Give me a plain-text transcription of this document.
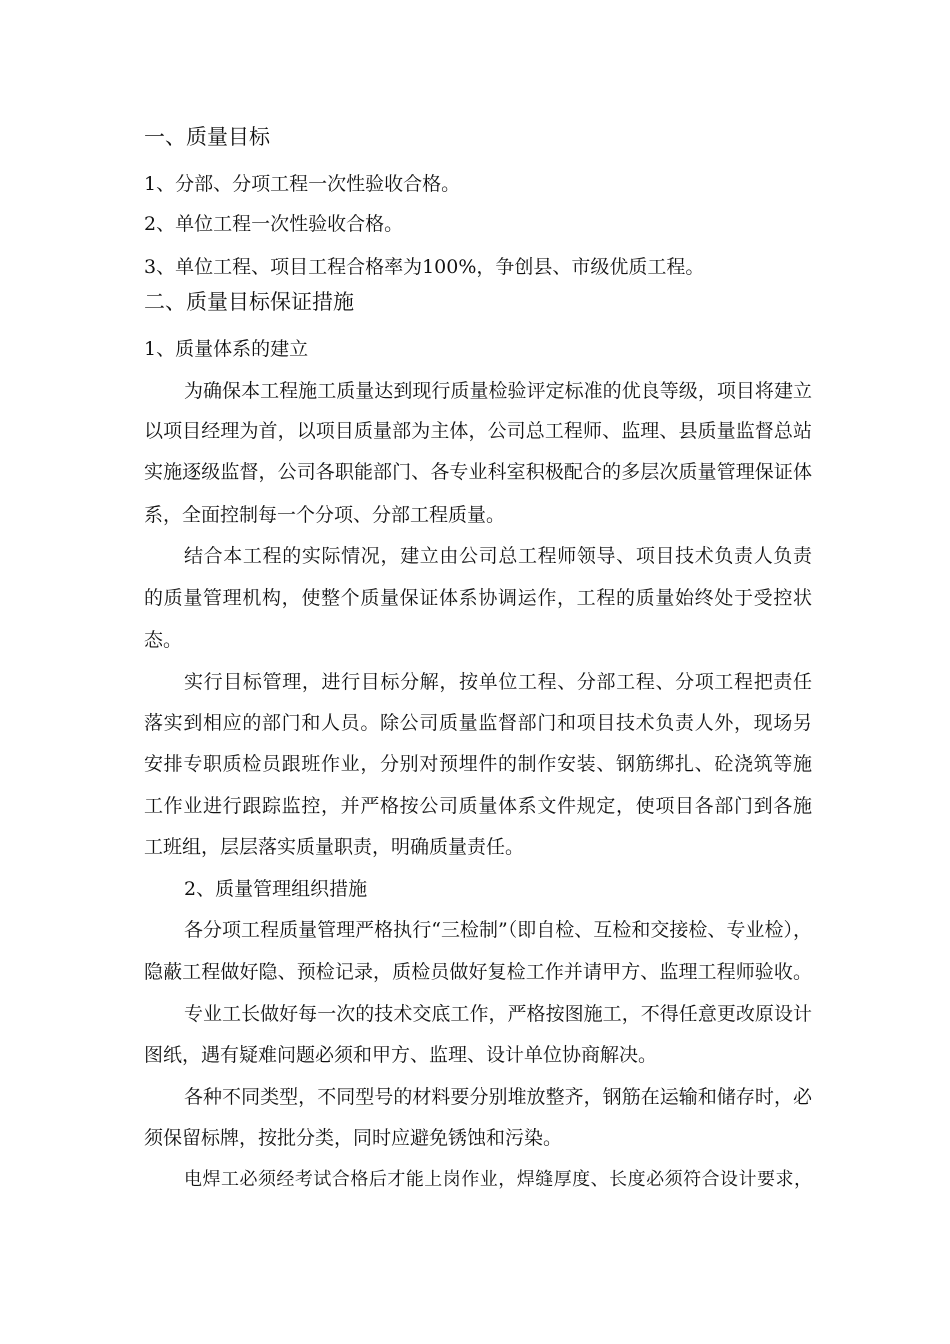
一、质量目标
1、分部、分项工程一次性验收合格。
2、单位工程一次性验收合格。
3、单位工程、项目工程合格率为100%，争创县、市级优质工程。
二、质量目标保证措施
1、质量体系的建立
为确保本工程施工质量达到现行质量检验评定标准的优良等级，项目将建立
以项目经理为首，以项目质量部为主体，公司总工程师、监理、县质量监督总站
实施逐级监督，公司各职能部门、各专业科室积极配合的多层次质量管理保证体
系，全面控制每一个分项、分部工程质量。
结合本工程的实际情况，建立由公司总工程师领导、项目技术负责人负责
的质量管理机构，使整个质量保证体系协调运作，工程的质量始终处于受控状
态。
实行目标管理，进行目标分解，按单位工程、分部工程、分项工程把责任
落实到相应的部门和人员。除公司质量监督部门和项目技术负责人外，现场另
安排专职质检员跟班作业，分别对预埋件的制作安装、钢筋绑扎、砼浇筑等施
工作业进行跟踪监控，并严格按公司质量体系文件规定，使项目各部门到各施
工班组，层层落实质量职责，明确质量责任。
2、质量管理组织措施
各分项工程质量管理严格执行“三检制”（即自检、互检和交接检、专业检），
隐蔽工程做好隐、预检记录，质检员做好复检工作并请甲方、监理工程师验收。
专业工长做好每一次的技术交底工作，严格按图施工，不得任意更改原设计
图纸，遇有疑难问题必须和甲方、监理、设计单位协商解决。
各种不同类型，不同型号的材料要分别堆放整齐，钢筋在运输和储存时，必
须保留标牌，按批分类，同时应避免锈蚀和污染。
电焊工必须经考试合格后才能上岗作业，焊缝厚度、长度必须符合设计要求，
